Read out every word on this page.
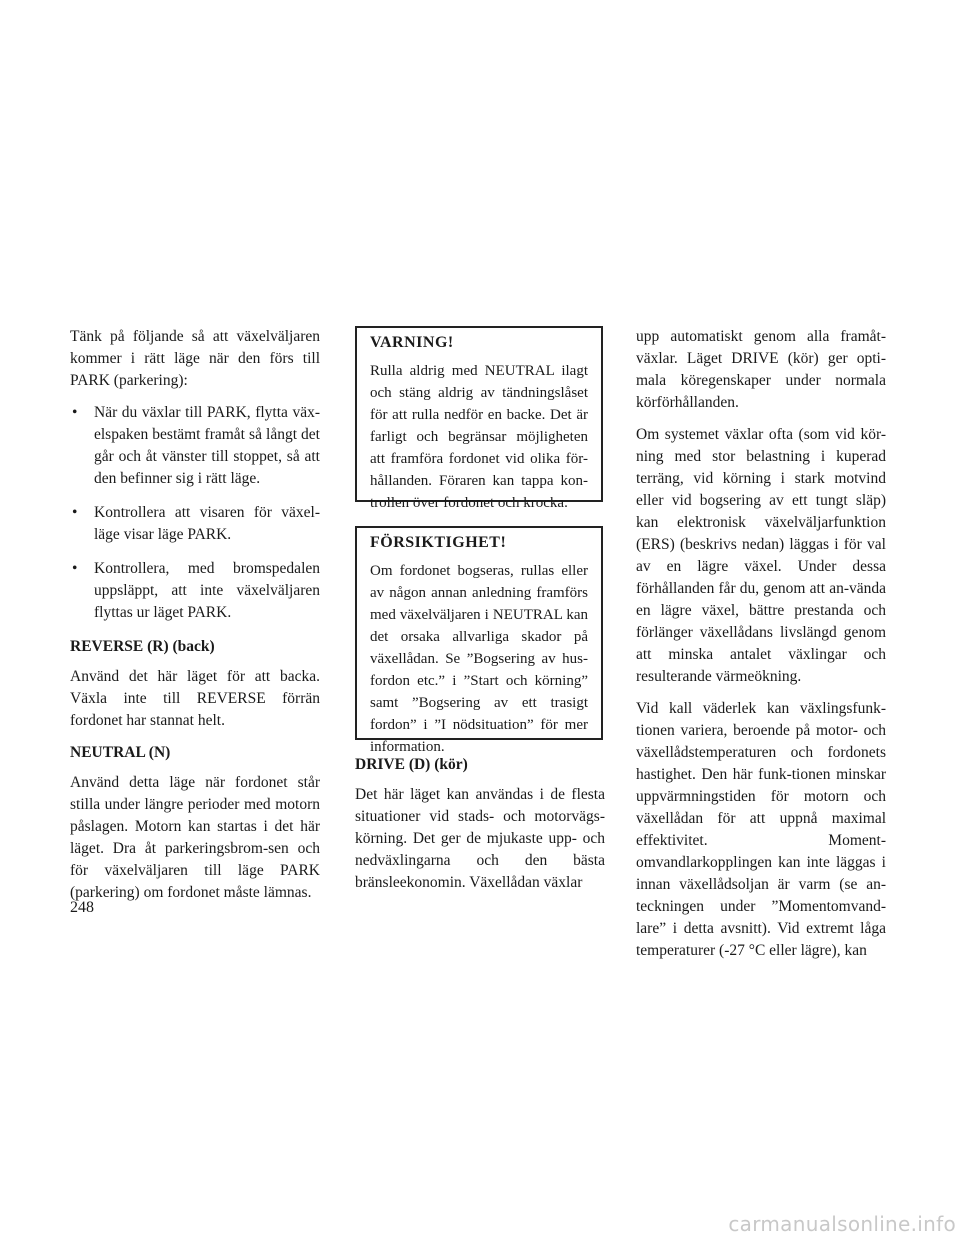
Tänk på följande så att växelväljaren kommer i rätt läge när den förs till PARK (parkering):

• När du växlar till PARK, flytta väx-elspaken bestämt framåt så långt det går och åt vänster till stoppet, så att den befinner sig i rätt läge.
• Kontrollera att visaren för växel-läge visar läge PARK.
• Kontrollera, med bromspedalen uppsläppt, att inte växelväljaren flyttas ur läget PARK.

REVERSE (R) (back)

Använd det här läget för att backa. Växla inte till REVERSE förrän fordonet har stannat helt.

NEUTRAL (N)

Använd detta läge när fordonet står stilla under längre perioder med motorn påslagen. Motorn kan startas i det här läget. Dra åt parkeringsbrom-sen och för växelväljaren till läge PARK (parkering) om fordonet måste lämnas.

VARNING!

Rulla aldrig med NEUTRAL ilagt och stäng aldrig av tändningslåset för att rulla nedför en backe. Det är farligt och begränsar möjligheten att framföra fordonet vid olika för-hållanden. Föraren kan tappa kon-trollen över fordonet och krocka.

FÖRSIKTIGHET!

Om fordonet bogseras, rullas eller av någon annan anledning framförs med växelväljaren i NEUTRAL kan det orsaka allvarliga skador på växellådan. Se ”Bogsering av hus-fordon etc.” i ”Start och körning” samt ”Bogsering av ett trasigt fordon” i ”I nödsituation” för mer information.

DRIVE (D) (kör)

Det här läget kan användas i de flesta situationer vid stads- och motorvägs-körning. Det ger de mjukaste upp- och nedväxlingarna och den bästa bränsleekonomin. Växellådan växlar

upp automatiskt genom alla framåt-växlar. Läget DRIVE (kör) ger opti-mala köregenskaper under normala körförhållanden.

Om systemet växlar ofta (som vid kör-ning med stor belastning i kuperad terräng, vid körning i stark motvind eller vid bogsering av ett tungt släp) kan elektronisk växelväljarfunktion (ERS) (beskrivs nedan) läggas i för val av en lägre växel. Under dessa förhållanden får du, genom att an-vända en lägre växel, bättre prestanda och förlänger växellådans livslängd genom att minska antalet växlingar och resulterande värmeökning.

Vid kall väderlek kan växlingsfunk-tionen variera, beroende på motor- och växellådstemperaturen och fordonets hastighet. Den här funk-tionen minskar uppvärmningstiden för motorn och växellådan för att uppnå maximal effektivitet. Moment-omvandlarkopplingen kan inte läggas i innan växellådsoljan är varm (se an-teckningen under ”Momentomvand-lare” i detta avsnitt). Vid extremt låga temperaturer (-27 °C eller lägre), kan

248
carmanualsonline.info
